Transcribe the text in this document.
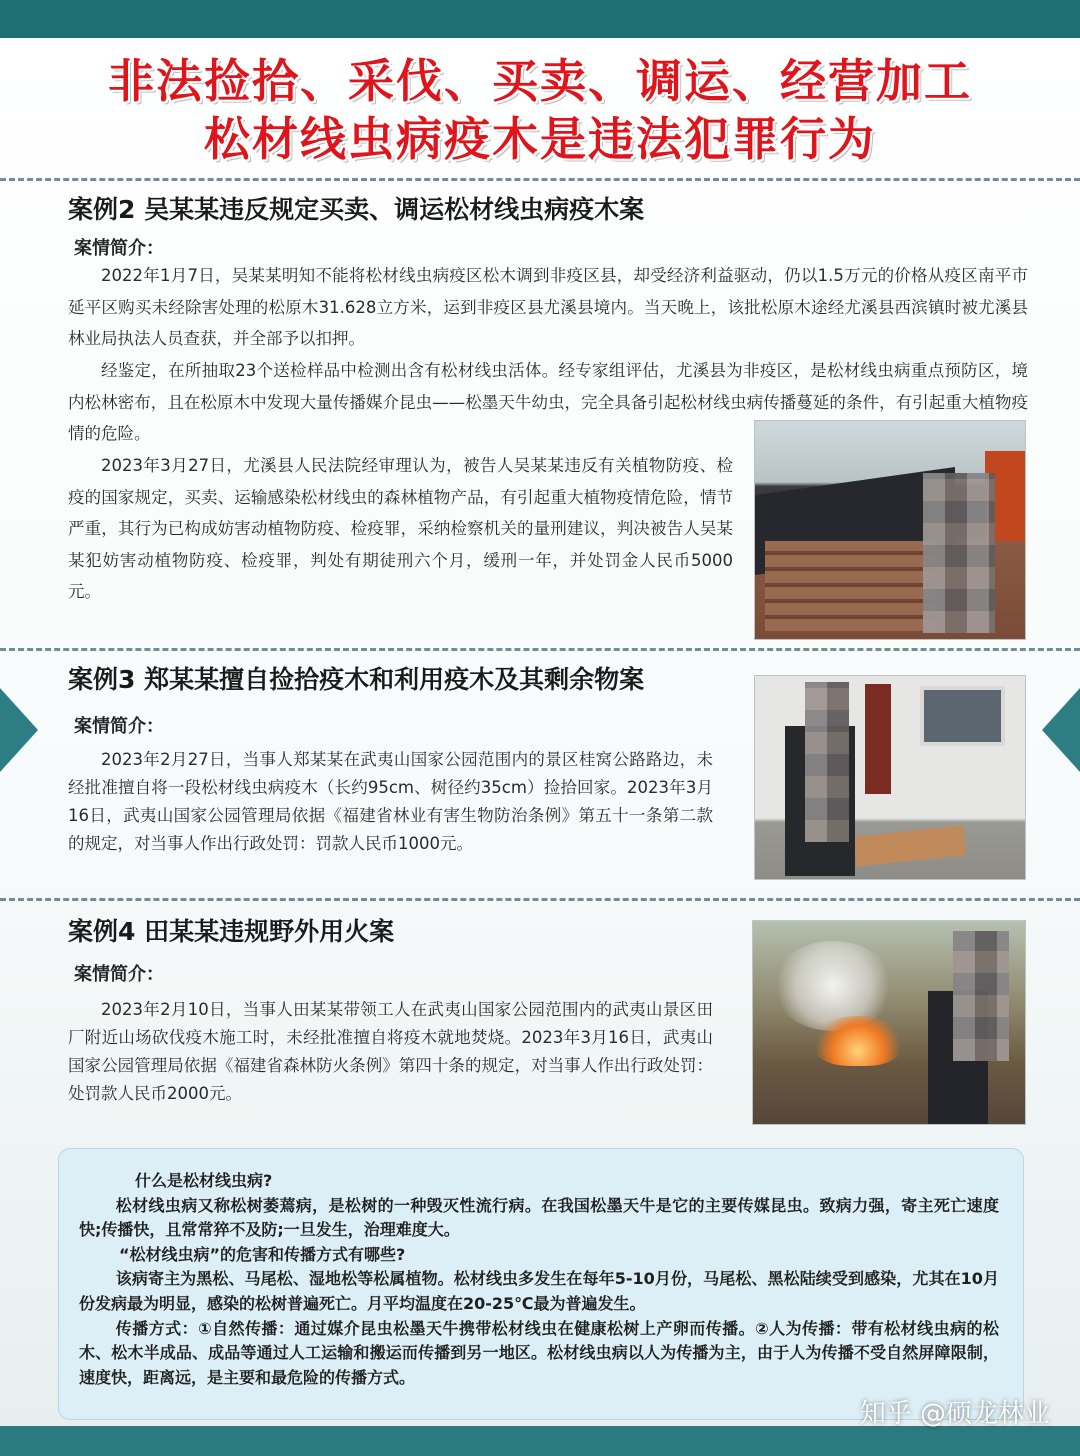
非法捡拾、采伐、买卖、调运、经营加工
松材线虫病疫木是违法犯罪行为
案例2 吴某某违反规定买卖、调运松材线虫病疫木案
案情简介：
2022年1月7日，吴某某明知不能将松材线虫病疫区松木调到非疫区县，却受经济利益驱动，仍以1.5万元的价格从疫区南平市延平区购买未经除害处理的松原木31.628立方米，运到非疫区县尤溪县境内。当天晚上，该批松原木途经尤溪县西滨镇时被尤溪县林业局执法人员查获，并全部予以扣押。
经鉴定，在所抽取23个送检样品中检测出含有松材线虫活体。经专家组评估，尤溪县为非疫区，是松材线虫病重点预防区，境内松林密布，且在松原木中发现大量传播媒介昆虫——松墨天牛幼虫，完全具备引起松材线虫病传播蔓延的条件，有引起重大植物疫情的危险。
2023年3月27日，尤溪县人民法院经审理认为，被告人吴某某违反有关植物防疫、检疫的国家规定，买卖、运输感染松材线虫的森林植物产品，有引起重大植物疫情危险，情节严重，其行为已构成妨害动植物防疫、检疫罪，采纳检察机关的量刑建议，判决被告人吴某某犯妨害动植物防疫、检疫罪，判处有期徒刑六个月，缓刑一年，并处罚金人民币5000元。
案例3 郑某某擅自捡拾疫木和利用疫木及其剩余物案
案情简介：
2023年2月27日，当事人郑某某在武夷山国家公园范围内的景区桂窝公路路边，未经批准擅自将一段松材线虫病疫木（长约95cm、树径约35cm）捡拾回家。2023年3月16日，武夷山国家公园管理局依据《福建省林业有害生物防治条例》第五十一条第二款的规定，对当事人作出行政处罚：罚款人民币1000元。
案例4 田某某违规野外用火案
案情简介：
2023年2月10日，当事人田某某带领工人在武夷山国家公园范围内的武夷山景区田厂附近山场砍伐疫木施工时，未经批准擅自将疫木就地焚烧。2023年3月16日，武夷山国家公园管理局依据《福建省森林防火条例》第四十条的规定，对当事人作出行政处罚：处罚款人民币2000元。
什么是松材线虫病?
松材线虫病又称松树萎蔫病，是松树的一种毁灭性流行病。在我国松墨天牛是它的主要传媒昆虫。致病力强，寄主死亡速度快;传播快，且常常猝不及防;一旦发生，治理难度大。
“松材线虫病”的危害和传播方式有哪些?
该病寄主为黑松、马尾松、湿地松等松属植物。松材线虫多发生在每年5-10月份，马尾松、黑松陆续受到感染，尤其在10月份发病最为明显，感染的松树普遍死亡。月平均温度在20-25℃最为普遍发生。
传播方式：①自然传播：通过媒介昆虫松墨天牛携带松材线虫在健康松树上产卵而传播。②人为传播：带有松材线虫病的松木、松木半成品、成品等通过人工运输和搬运而传播到另一地区。松材线虫病以人为传播为主，由于人为传播不受自然屏障限制，速度快，距离远，是主要和最危险的传播方式。
知乎 @硕龙林业
